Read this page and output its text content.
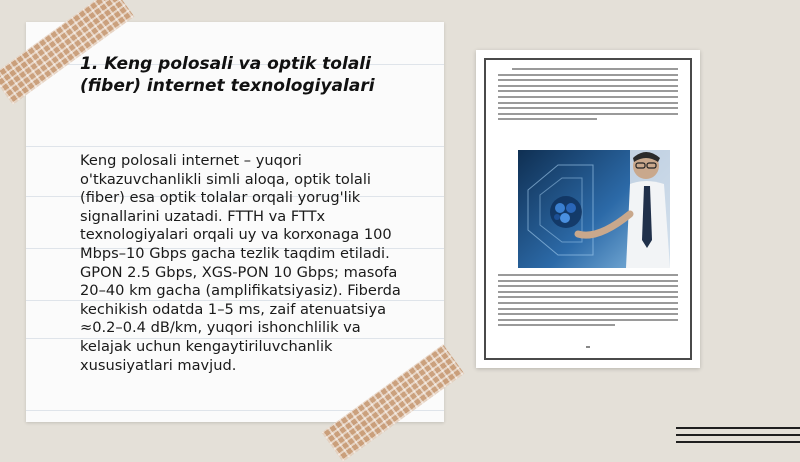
1. Keng polosali va optik tolali (fiber) internet texnologiyalari

Keng polosali internet – yuqori o'tkazuvchanlikli simli aloqa, optik tolali (fiber) esa optik tolalar orqali yorug'lik signallarini uzatadi. FTTH va FTTx texnologiyalari orqali uy va korxonaga 100 Mbps–10 Gbps gacha tezlik taqdim etiladi. GPON 2.5 Gbps, XGS-PON 10 Gbps; masofa 20–40 km gacha (amplifikatsiyasiz). Fiberda kechikish odatda 1–5 ms, zaif atenuatsiya ≈0.2–0.4 dB/km, yuqori ishonchlilik va kelajak uchun kengaytiriluvchanlik xususiyatlari mavjud.
